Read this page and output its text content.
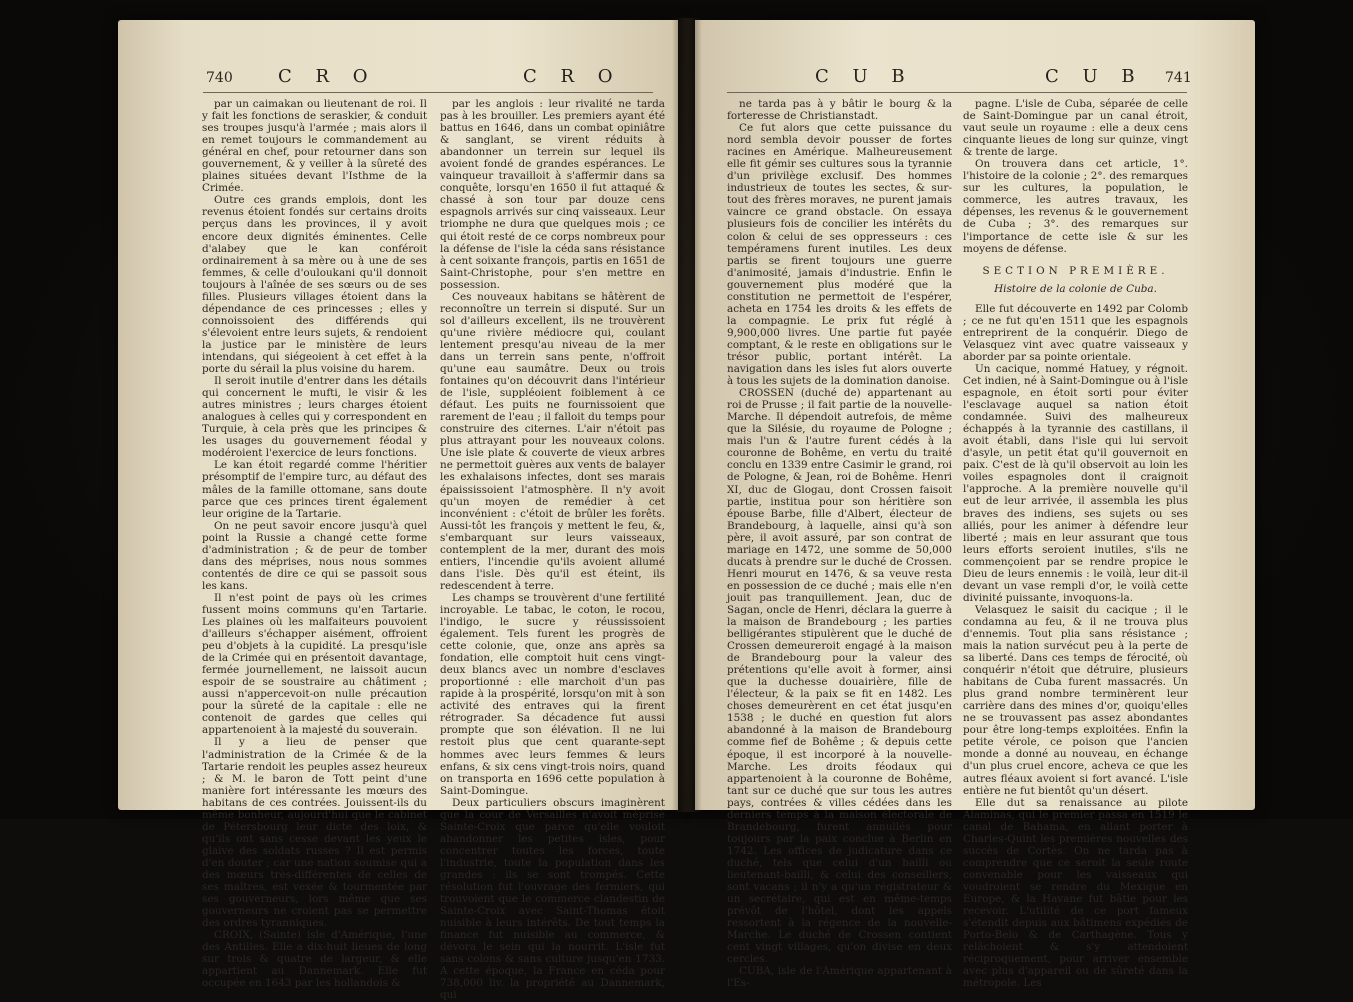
740	C R O	C R O

par un caimakan ou lieutenant de roi. Il y fait les fonctions de seraskier, & conduit ses troupes jusqu'à l'armée ; mais alors il en remet toujours le commandement au général en chef, pour retourner dans son gouvernement, & y veiller à la sûreté des plaines situées devant l'Isthme de la Crimée.

Outre ces grands emplois, dont les revenus étoient fondés sur certains droits perçus dans les provinces, il y avoit encore deux dignités éminentes. Celle d'alabey que le kan conféroit ordinairement à sa mère ou à une de ses femmes, & celle d'ouloukani qu'il donnoit toujours à l'aînée de ses sœurs ou de ses filles. Plusieurs villages étoient dans la dépendance de ces princesses ; elles y connoissoient des différends qui s'élevoient entre leurs sujets, & rendoient la justice par le ministère de leurs intendans, qui siégeoient à cet effet à la porte du sérail la plus voisine du harem.

Il seroit inutile d'entrer dans les détails qui concernent le mufti, le visir & les autres ministres ; leurs charges étoient analogues à celles qui y correspondent en Turquie, à cela près que les principes & les usages du gouvernement féodal y modéroient l'exercice de leurs fonctions.

Le kan étoit regardé comme l'héritier présomptif de l'empire turc, au défaut des mâles de la famille ottomane, sans doute parce que ces princes tirent également leur origine de la Tartarie.

On ne peut savoir encore jusqu'à quel point la Russie a changé cette forme d'administration ; & de peur de tomber dans des méprises, nous nous sommes contentés de dire ce qui se passoit sous les kans.

Il n'est point de pays où les crimes fussent moins communs qu'en Tartarie. Les plaines où les malfaiteurs pouvoient d'ailleurs s'échapper aisément, offroient peu d'objets à la cupidité. La presqu'isle de la Crimée qui en présentoit davantage, fermée journellement, ne laissoit aucun espoir de se soustraire au châtiment ; aussi n'appercevoit-on nulle précaution pour la sûreté de la capitale : elle ne contenoit de gardes que celles qui appartenoient à la majesté du souverain.

Il y a lieu de penser que l'administration de la Crimée & de la Tartarie rendoit les peuples assez heureux ; & M. le baron de Tott peint d'une manière fort intéressante les mœurs des habitans de ces contrées. Jouissent-ils du même bonheur, aujourd'hui que le cabinet de Pétersbourg leur dicte des loix, & qu'ils ont sans cesse devant les yeux le glaive des soldats russes ? Il est permis d'en douter ; car une nation soumise qui a des mœurs très-différentes de celles de ses maîtres, est vexée & tourmentée par ses gouverneurs, lors même que ses gouverneurs ne croient pas se permettre des ordres tyranniques.

CROIX, (Sainte) isle d'Amérique, l'une des Antilles. Elle a dix-huit lieues de long sur trois & quatre de largeur, & elle appartient au Dannemark. Elle fut occupée en 1643 par les hollandois &

par les anglois : leur rivalité ne tarda pas à les brouiller. Les premiers ayant été battus en 1646, dans un combat opiniâtre & sanglant, se virent réduits à abandonner un terrein sur lequel ils avoient fondé de grandes espérances. Le vainqueur travailloit à s'affermir dans sa conquête, lorsqu'en 1650 il fut attaqué & chassé à son tour par douze cens espagnols arrivés sur cinq vaisseaux. Leur triomphe ne dura que quelques mois ; ce qui étoit resté de ce corps nombreux pour la défense de l'isle la céda sans résistance à cent soixante françois, partis en 1651 de Saint-Christophe, pour s'en mettre en possession.

Ces nouveaux habitans se hâtèrent de reconnoître un terrein si disputé. Sur un sol d'ailleurs excellent, ils ne trouvèrent qu'une rivière médiocre qui, coulant lentement presqu'au niveau de la mer dans un terrein sans pente, n'offroit qu'une eau saumâtre. Deux ou trois fontaines qu'on découvrit dans l'intérieur de l'isle, suppléoient foiblement à ce défaut. Les puits ne fournissoient que rarement de l'eau ; il falloit du temps pour construire des citernes. L'air n'étoit pas plus attrayant pour les nouveaux colons. Une isle plate & couverte de vieux arbres ne permettoit guères aux vents de balayer les exhalaisons infectes, dont ses marais épaississoient l'atmosphère. Il n'y avoit qu'un moyen de remédier à cet inconvénient : c'étoit de brûler les forêts. Aussi-tôt les françois y mettent le feu, &, s'embarquant sur leurs vaisseaux, contemplent de la mer, durant des mois entiers, l'incendie qu'ils avoient allumé dans l'isle. Dès qu'il est éteint, ils redescendent à terre.

Les champs se trouvèrent d'une fertilité incroyable. Le tabac, le coton, le rocou, l'indigo, le sucre y réussissoient également. Tels furent les progrès de cette colonie, que, onze ans après sa fondation, elle comptoit huit cens vingt-deux blancs avec un nombre d'esclaves proportionné : elle marchoit d'un pas rapide à la prospérité, lorsqu'on mit à son activité des entraves qui la firent rétrograder. Sa décadence fut aussi prompte que son élévation. Il ne lui restoit plus que cent quarante-sept hommes avec leurs femmes & leurs enfans, & six cens vingt-trois noirs, quand on transporta en 1696 cette population à Saint-Domingue.

Deux particuliers obscurs imaginèrent que la cour de Versailles n'avoit méprisé Sainte-Croix que parce qu'elle vouloit abandonner les petites isles, pour concentrer toutes les forces, toute l'industrie, toute la population dans les grandes : ils se sont trompés. Cette résolution fut l'ouvrage des fermiers, qui trouvoient que le commerce clandestin de Sainte-Croix avec Saint-Thomas étoit nuisible à leurs intérêts. De tout temps la finance fut nuisible au commerce, & dévora le sein qui la nourrit. L'isle fut sans colons & sans culture jusqu'en 1733. A cette époque, la France en céda pour 738,000 liv. la propriété au Dannemark, qui

C U B	C U B 741

ne tarda pas à y bâtir le bourg & la forteresse de Christianstadt.

Ce fut alors que cette puissance du nord sembla devoir pousser de fortes racines en Amérique. Malheureusement elle fit gémir ses cultures sous la tyrannie d'un privilège exclusif. Des hommes industrieux de toutes les sectes, & sur-tout des frères moraves, ne purent jamais vaincre ce grand obstacle. On essaya plusieurs fois de concilier les intérêts du colon & celui de ses oppresseurs : ces tempéramens furent inutiles. Les deux partis se firent toujours une guerre d'animosité, jamais d'industrie. Enfin le gouvernement plus modéré que la constitution ne permettoit de l'espérer, acheta en 1754 les droits & les effets de la compagnie. Le prix fut réglé à 9,900,000 livres. Une partie fut payée comptant, & le reste en obligations sur le trésor public, portant intérêt. La navigation dans les isles fut alors ouverte à tous les sujets de la domination danoise.

CROSSEN (duché de) appartenant au roi de Prusse ; il fait partie de la nouvelle-Marche. Il dépendoit autrefois, de même que la Silésie, du royaume de Pologne ; mais l'un & l'autre furent cédés à la couronne de Bohême, en vertu du traité conclu en 1339 entre Casimir le grand, roi de Pologne, & Jean, roi de Bohême. Henri XI, duc de Glogau, dont Crossen faisoit partie, institua pour son héritière son épouse Barbe, fille d'Albert, électeur de Brandebourg, à laquelle, ainsi qu'à son père, il avoit assuré, par son contrat de mariage en 1472, une somme de 50,000 ducats à prendre sur le duché de Crossen. Henri mourut en 1476, & sa veuve resta en possession de ce duché ; mais elle n'en jouit pas tranquillement. Jean, duc de Sagan, oncle de Henri, déclara la guerre à la maison de Brandebourg ; les parties belligérantes stipulèrent que le duché de Crossen demeureroit engagé à la maison de Brandebourg pour la valeur des prétentions qu'elle avoit à former, ainsi que la duchesse douairière, fille de l'électeur, & la paix se fit en 1482. Les choses demeurèrent en cet état jusqu'en 1538 ; le duché en question fut alors abandonné à la maison de Brandebourg comme fief de Bohême ; & depuis cette époque, il est incorporé à la nouvelle-Marche. Les droits féodaux qui appartenoient à la couronne de Bohême, tant sur ce duché que sur tous les autres pays, contrées & villes cédées dans les derniers temps à la maison électorale de Brandebourg, furent annullés pour toujours par la paix conclue à Berlin en 1742. Les offices de judicature dans ce duché, tels que celui d'un bailli ou lieutenant-bailli, & celui des conseillers, sont vacans ; il n'y a qu'un régistrateur & un secrétaire, qui est en même-temps prévôt de l'hôtel, dont les appels ressortent à la régence de la nouvelle-Marche. Le duché de Crossen contient cent vingt villages, qu'on divise en deux cercles.

CUBA, isle de l'Amérique appartenant à l'Es-

pagne. L'isle de Cuba, séparée de celle de Saint-Domingue par un canal étroit, vaut seule un royaume : elle a deux cens cinquante lieues de long sur quinze, vingt & trente de large.

On trouvera dans cet article, 1°. l'histoire de la colonie ; 2°. des remarques sur les cultures, la population, le commerce, les autres travaux, les dépenses, les revenus & le gouvernement de Cuba ; 3°. des remarques sur l'importance de cette isle & sur les moyens de défense.

SECTION PREMIÈRE.

Histoire de la colonie de Cuba.

Elle fut découverte en 1492 par Colomb ; ce ne fut qu'en 1511 que les espagnols entreprirent de la conquérir. Diego de Velasquez vint avec quatre vaisseaux y aborder par sa pointe orientale.

Un cacique, nommé Hatuey, y régnoit. Cet indien, né à Saint-Domingue ou à l'isle espagnole, en étoit sorti pour éviter l'esclavage auquel sa nation étoit condamnée. Suivi des malheureux échappés à la tyrannie des castillans, il avoit établi, dans l'isle qui lui servoit d'asyle, un petit état qu'il gouvernoit en paix. C'est de là qu'il observoit au loin les voiles espagnoles dont il craignoit l'approche. A la première nouvelle qu'il eut de leur arrivée, il assembla les plus braves des indiens, ses sujets ou ses alliés, pour les animer à défendre leur liberté ; mais en leur assurant que tous leurs efforts seroient inutiles, s'ils ne commençoient par se rendre propice le Dieu de leurs ennemis : le voilà, leur dit-il devant un vase rempli d'or, le voilà cette divinité puissante, invoquons-la.

Velasquez le saisit du cacique ; il le condamna au feu, & il ne trouva plus d'ennemis. Tout plia sans résistance ; mais la nation survécut peu à la perte de sa liberté. Dans ces temps de férocité, où conquérir n'étoit que détruire, plusieurs habitans de Cuba furent massacrés. Un plus grand nombre terminèrent leur carrière dans des mines d'or, quoiqu'elles ne se trouvassent pas assez abondantes pour être long-temps exploitées. Enfin la petite vérole, ce poison que l'ancien monde a donné au nouveau, en échange d'un plus cruel encore, acheva ce que les autres fléaux avoient si fort avancé. L'isle entière ne fut bientôt qu'un désert.

Elle dut sa renaissance au pilote Alaminas, qui le premier passa en 1519 le canal de Bahama, en allant porter à Charles-Quint les premières nouvelles des succès de Cortès. On ne tarda pas à comprendre que ce seroit la seule route convenable pour les vaisseaux qui voudroient se rendre du Mexique en Europe, & la Havane fut bâtie pour les recevoir. L'utilité de ce port fameux s'étendit depuis aux bâtimens expédiés de Porto-Belo & de Carthagène. Tous y relâchoient & s'y attendoient réciproquement, pour arriver ensemble avec plus d'appareil ou de sûreté dans la métropole. Les
